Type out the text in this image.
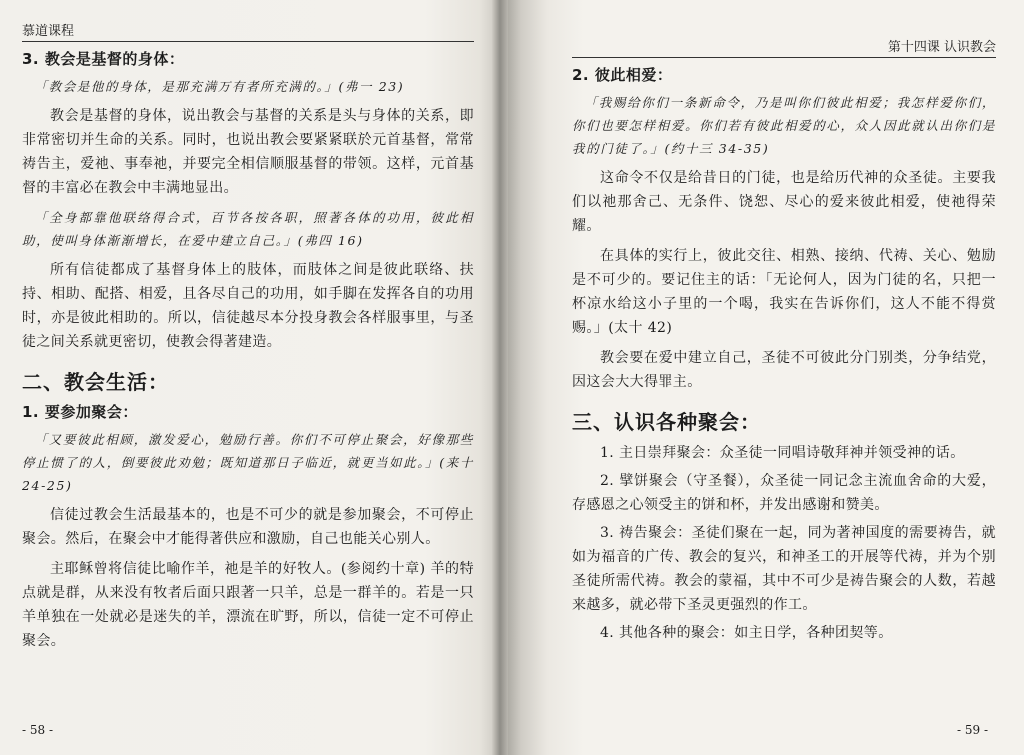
慕道课程
3. 教会是基督的身体：

「教会是他的身体，是那充满万有者所充满的。」(弗一 23)

教会是基督的身体，说出教会与基督的关系是头与身体的关系，即非常密切并生命的关系。同时，也说出教会要紧紧联於元首基督，常常祷告主，爱祂、事奉祂，并要完全相信顺服基督的带领。这样，元首基督的丰富必在教会中丰满地显出。

「全身都靠他联络得合式，百节各按各职，照著各体的功用，彼此相助，使叫身体渐渐增长，在爱中建立自己。」(弗四 16)

所有信徒都成了基督身体上的肢体，而肢体之间是彼此联络、扶持、相助、配搭、相爱，且各尽自己的功用，如手脚在发挥各自的功用时，亦是彼此相助的。所以，信徒越尽本分投身教会各样服事里，与圣徒之间关系就更密切，使教会得著建造。

二、教会生活：
1. 要参加聚会：

「又要彼此相顾，激发爱心，勉励行善。你们不可停止聚会，好像那些停止惯了的人，倒要彼此劝勉；既知道那日子临近，就更当如此。」(来十 24-25)

信徒过教会生活最基本的，也是不可少的就是参加聚会，不可停止聚会。然后，在聚会中才能得著供应和激励，自己也能关心别人。

主耶稣曾将信徒比喻作羊，祂是羊的好牧人。(参阅约十章) 羊的特点就是群，从来没有牧者后面只跟著一只羊，总是一群羊的。若是一只羊单独在一处就必是迷失的羊，漂流在旷野，所以，信徒一定不可停止聚会。

- 58 -
第十四课 认识教会
2. 彼此相爱：

「我赐给你们一条新命令，乃是叫你们彼此相爱；我怎样爱你们，你们也要怎样相爱。你们若有彼此相爱的心，众人因此就认出你们是我的门徒了。」(约十三 34-35)

这命令不仅是给昔日的门徒，也是给历代神的众圣徒。主要我们以祂那舍己、无条件、饶恕、尽心的爱来彼此相爱，使祂得荣耀。

在具体的实行上，彼此交往、相熟、接纳、代祷、关心、勉励是不可少的。要记住主的话：「无论何人，因为门徒的名，只把一杯凉水给这小子里的一个喝，我实在告诉你们，这人不能不得赏赐。」(太十 42)

教会要在爱中建立自己，圣徒不可彼此分门别类，分争结党，因这会大大得罪主。

三、认识各种聚会：

1. 主日崇拜聚会：众圣徒一同唱诗敬拜神并领受神的话。

2. 擘饼聚会（守圣餐），众圣徒一同记念主流血舍命的大爱，存感恩之心领受主的饼和杯，并发出感谢和赞美。

3. 祷告聚会：圣徒们聚在一起，同为著神国度的需要祷告，就如为福音的广传、教会的复兴，和神圣工的开展等代祷，并为个别圣徒所需代祷。教会的蒙福，其中不可少是祷告聚会的人数，若越来越多，就必带下圣灵更强烈的作工。

4. 其他各种的聚会：如主日学，各种团契等。

- 59 -
